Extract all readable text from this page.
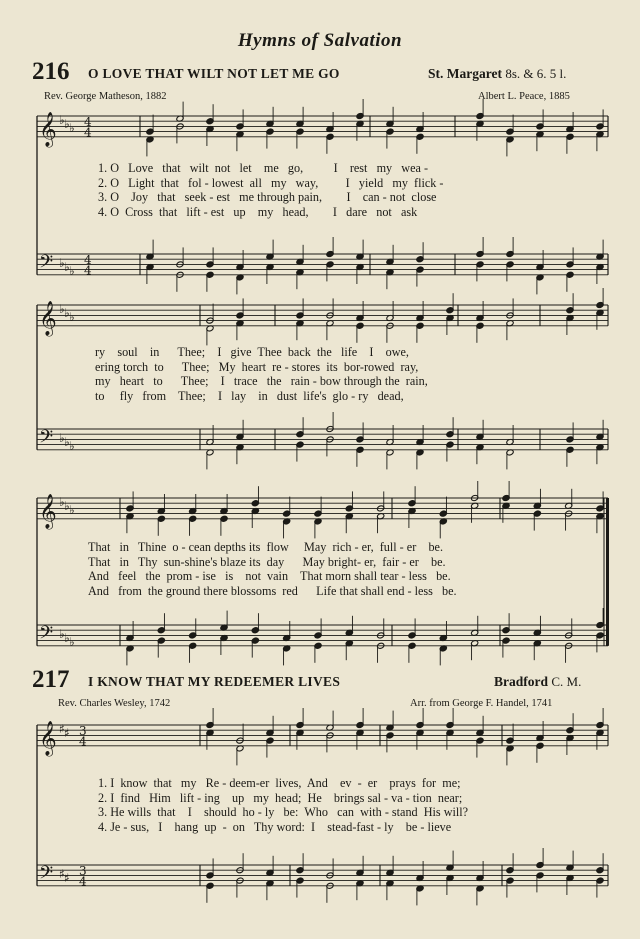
Hymns of Salvation
216 O LOVE THAT WILT NOT LET ME GO	St. Margaret 8s. & 6. 5 l.
Rev. George Matheson, 1882	Albert L. Peace, 1885
1. O   Love   that   wilt  not   let    me   go,          I    rest   my   wea -
2. O   Light  that   fol - lowest  all   my   way,         I   yield   my  flick -
3. O    Joy   that   seek - est   me through pain,        I    can - not  close
4. O  Cross  that   lift - est   up    my   head,        I   dare   not   ask
ry    soul    in      Thee;    I   give  Thee  back  the   life    I    owe,
ering torch  to      Thee;   My  heart  re - stores  its  bor-rowed  ray,
my   heart   to      Thee;    I   trace   the   rain - bow through the  rain,
to     fly   from    Thee;    I   lay    in   dust  life's  glo - ry   dead,
That   in   Thine  o - cean depths its  flow     May  rich - er,  full - er    be.
That   in   Thy  sun-shine's blaze its  day      May bright- er,  fair - er    be.
And   feel   the  prom - ise   is    not  vain    That morn shall tear - less   be.
And   from  the ground there blossoms  red      Life that shall end - less   be.
217 I KNOW THAT MY REDEEMER LIVES	Bradford C. M.
Rev. Charles Wesley, 1742	Arr. from George F. Handel, 1741
1. I  know  that   my   Re - deem-er  lives,  And    ev  -  er    prays  for  me;
2. I  find   Him   lift - ing    up   my  head;  He    brings sal - va - tion  near;
3. He wills  that    I    should  ho - ly   be:  Who   can  with - stand  His will?
4. Je - sus,   I    hang  up  -  on   Thy word:  I    stead-fast - ly    be - lieve
𝄞
𝄢
♭
♭
♭
♭
♭
♭
4
4
4
4
𝄞
𝄢
♭
♭
♭
♭
♭
♭
𝄞
𝄢
♭
♭
♭
♭
♭
♭
𝄞
𝄢
♯
♯
♯
♯
3
4
3
4
